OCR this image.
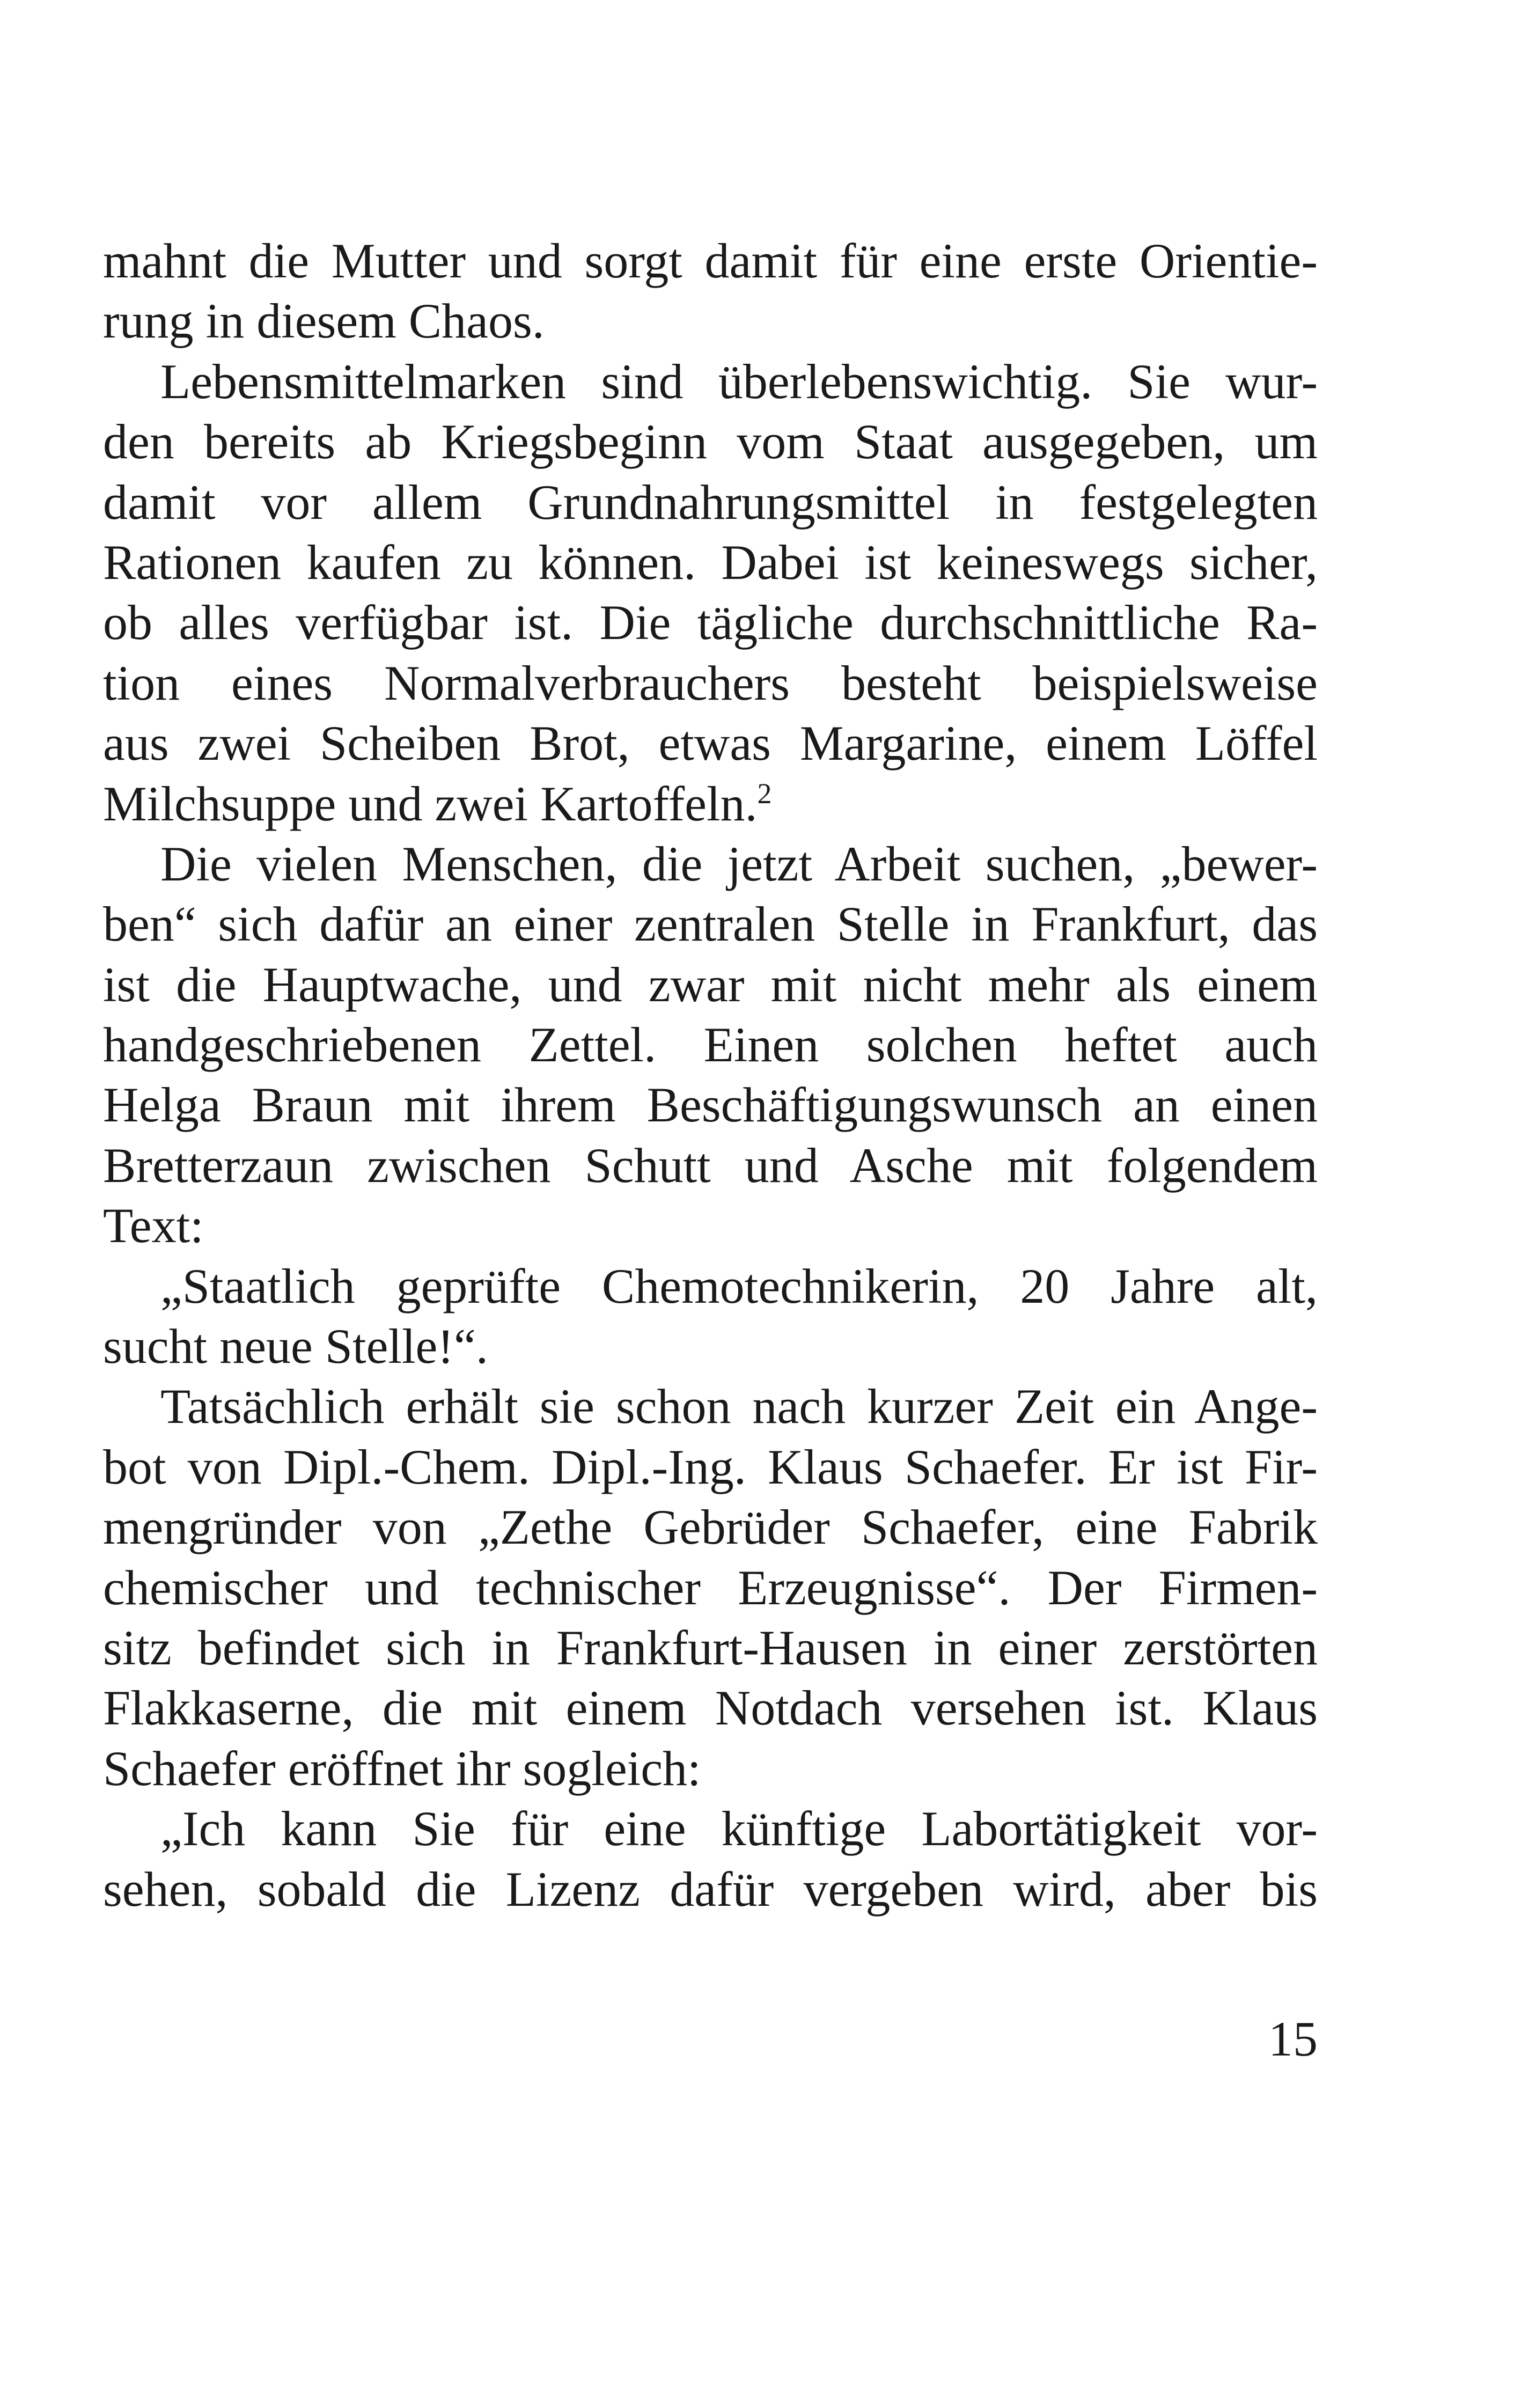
mahnt die Mutter und sorgt damit für eine erste Orientie-
rung in diesem Chaos.
Lebensmittelmarken sind überlebenswichtig. Sie wur-
den bereits ab Kriegsbeginn vom Staat ausgegeben, um
damit vor allem Grundnahrungsmittel in festgelegten
Rationen kaufen zu können. Dabei ist keineswegs sicher,
ob alles verfügbar ist. Die tägliche durchschnittliche Ra-
tion eines Normalverbrauchers besteht beispielsweise
aus zwei Scheiben Brot, etwas Margarine, einem Löffel
Milchsuppe und zwei Kartoffeln.$^2$
Die vielen Menschen, die jetzt Arbeit suchen, „bewer-
ben“ sich dafür an einer zentralen Stelle in Frankfurt, das
ist die Hauptwache, und zwar mit nicht mehr als einem
handgeschriebenen Zettel. Einen solchen heftet auch
Helga Braun mit ihrem Beschäftigungswunsch an einen
Bretterzaun zwischen Schutt und Asche mit folgendem
Text:
„Staatlich geprüfte Chemotechnikerin, 20 Jahre alt,
sucht neue Stelle!“.
Tatsächlich erhält sie schon nach kurzer Zeit ein Ange-
bot von Dipl.-Chem. Dipl.-Ing. Klaus Schaefer. Er ist Fir-
mengründer von „Zethe Gebrüder Schaefer, eine Fabrik
chemischer und technischer Erzeugnisse“. Der Firmen-
sitz befindet sich in Frankfurt-Hausen in einer zerstörten
Flakkaserne, die mit einem Notdach versehen ist. Klaus
Schaefer eröffnet ihr sogleich:
„Ich kann Sie für eine künftige Labortätigkeit vor-
sehen, sobald die Lizenz dafür vergeben wird, aber bis
15
